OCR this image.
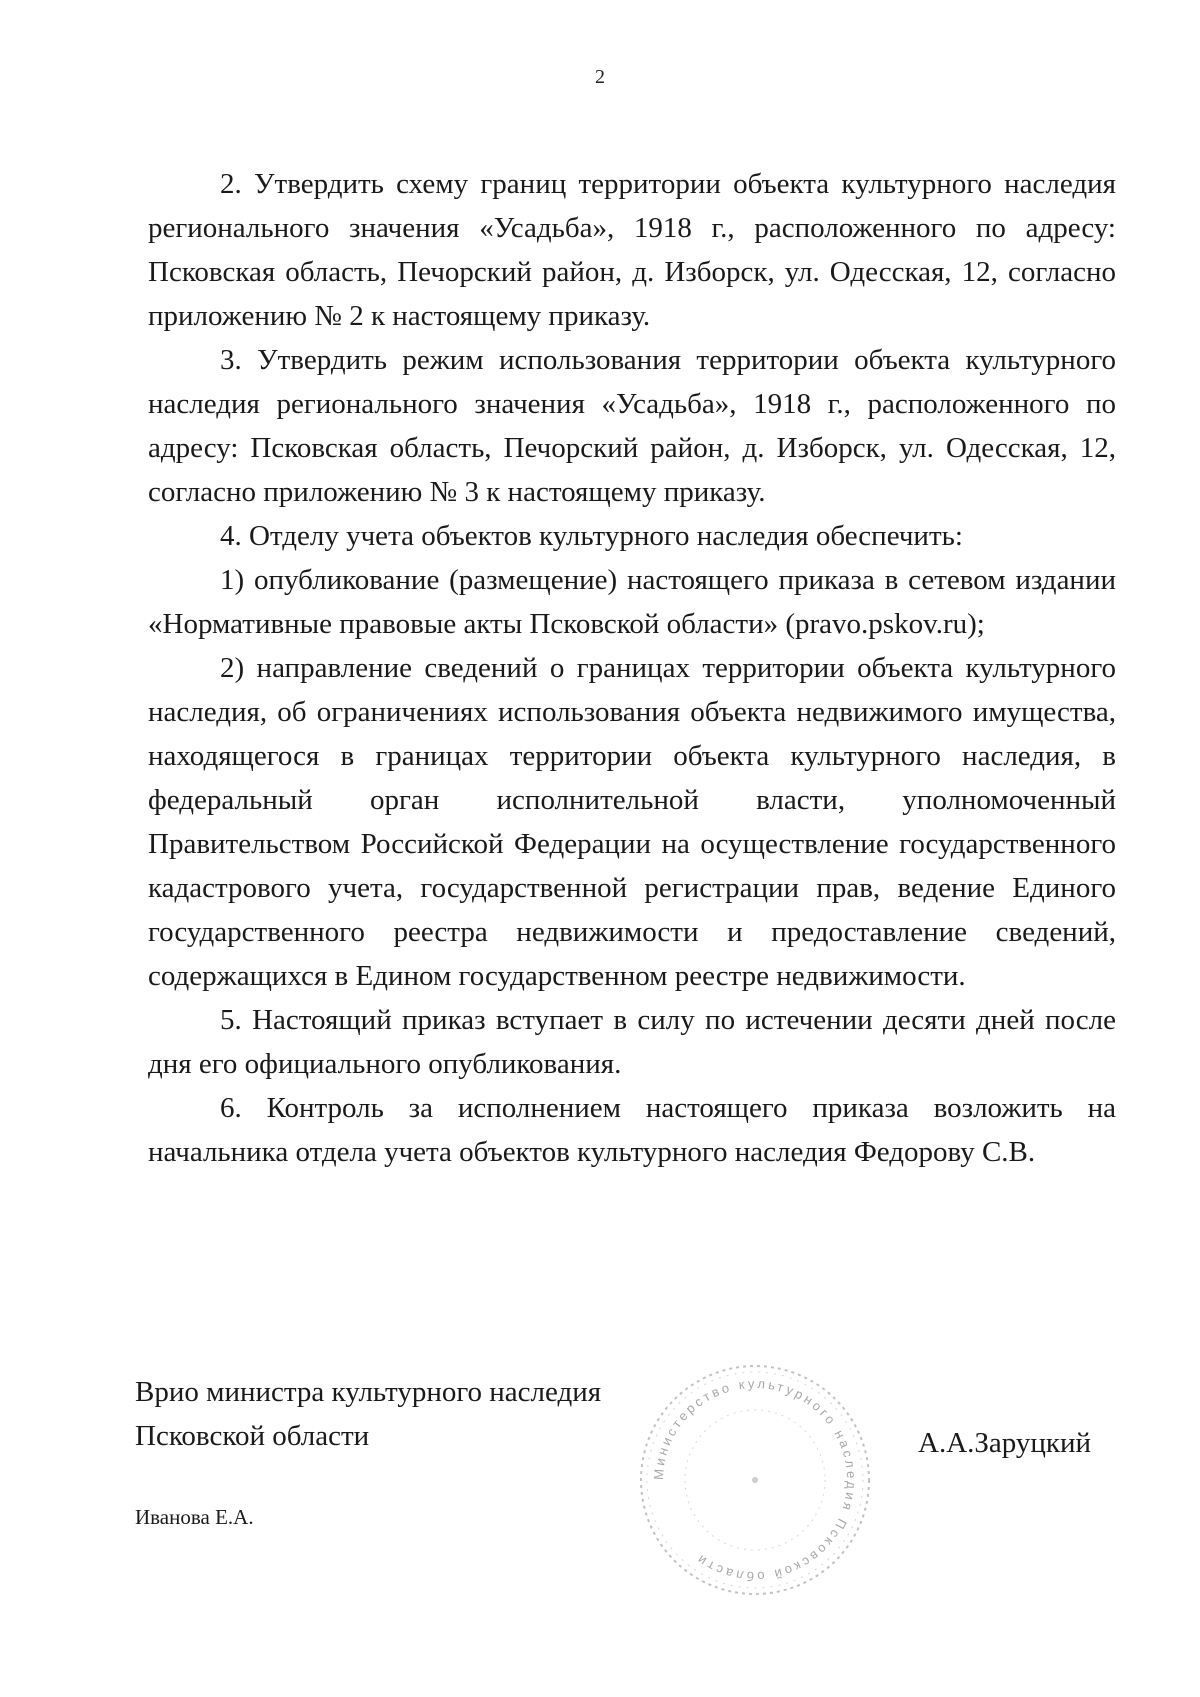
2

2. Утвердить схему границ территории объекта культурного наследия регионального значения «Усадьба», 1918 г., расположенного по адресу: Псковская область, Печорский район, д. Изборск, ул. Одесская, 12, согласно приложению № 2 к настоящему приказу.

3. Утвердить режим использования территории объекта культурного наследия регионального значения «Усадьба», 1918 г., расположенного по адресу: Псковская область, Печорский район, д. Изборск, ул. Одесская, 12, согласно приложению № 3 к настоящему приказу.

4. Отделу учета объектов культурного наследия обеспечить:

1) опубликование (размещение) настоящего приказа в сетевом издании «Нормативные правовые акты Псковской области» (pravo.pskov.ru);

2) направление сведений о границах территории объекта культурного наследия, об ограничениях использования объекта недвижимого имущества, находящегося в границах территории объекта культурного наследия, в федеральный орган исполнительной власти, уполномоченный Правительством Российской Федерации на осуществление государственного кадастрового учета, государственной регистрации прав, ведение Единого государственного реестра недвижимости и предоставление сведений, содержащихся в Едином государственном реестре недвижимости.

5. Настоящий приказ вступает в силу по истечении десяти дней после дня его официального опубликования.

6. Контроль за исполнением настоящего приказа возложить на начальника отдела учета объектов культурного наследия Федорову С.В.

Врио министра культурного наследия
Псковской области	А.А.Заруцкий
Иванова Е.А.
Министерство культурного наследия Псковской области
